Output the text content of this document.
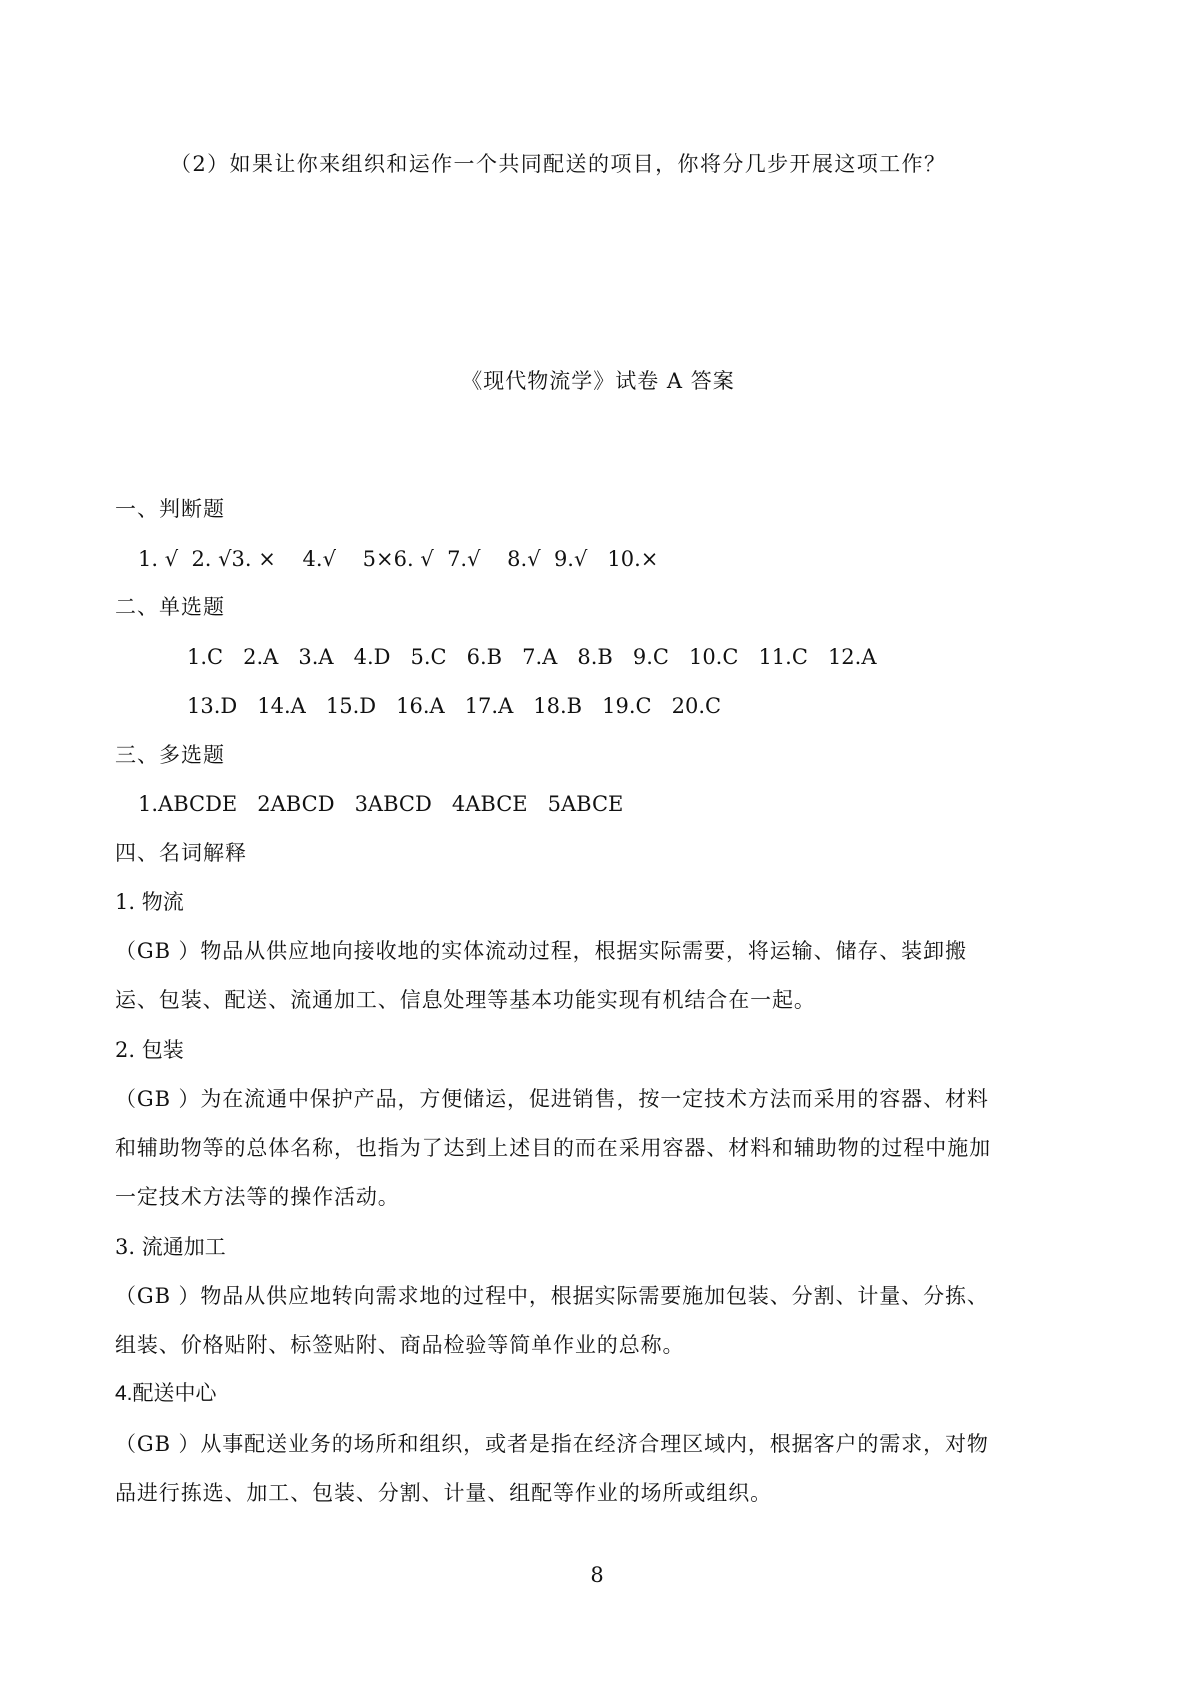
（2）如果让你来组织和运作一个共同配送的项目，你将分几步开展这项工作？

《现代物流学》试卷 A 答案

一、判断题

1. √  2. √3. ×    4.√    5×6. √  7.√    8.√  9.√   10.×

二、单选题

1.C   2.A   3.A   4.D   5.C   6.B   7.A   8.B   9.C   10.C   11.C   12.A

13.D   14.A   15.D   16.A   17.A   18.B   19.C   20.C

三、多选题

1.ABCDE   2ABCD   3ABCD   4ABCE   5ABCE

四、名词解释

1. 物流

（GB ）物品从供应地向接收地的实体流动过程，根据实际需要，将运输、储存、装卸搬

运、包装、配送、流通加工、信息处理等基本功能实现有机结合在一起。

2. 包装

（GB ）为在流通中保护产品，方便储运，促进销售，按一定技术方法而采用的容器、材料

和辅助物等的总体名称，也指为了达到上述目的而在采用容器、材料和辅助物的过程中施加

一定技术方法等的操作活动。

3. 流通加工

（GB ）物品从供应地转向需求地的过程中，根据实际需要施加包装、分割、计量、分拣、

组装、价格贴附、标签贴附、商品检验等简单作业的总称。

4.配送中心

（GB ）从事配送业务的场所和组织，或者是指在经济合理区域内，根据客户的需求，对物

品进行拣选、加工、包装、分割、计量、组配等作业的场所或组织。

8
